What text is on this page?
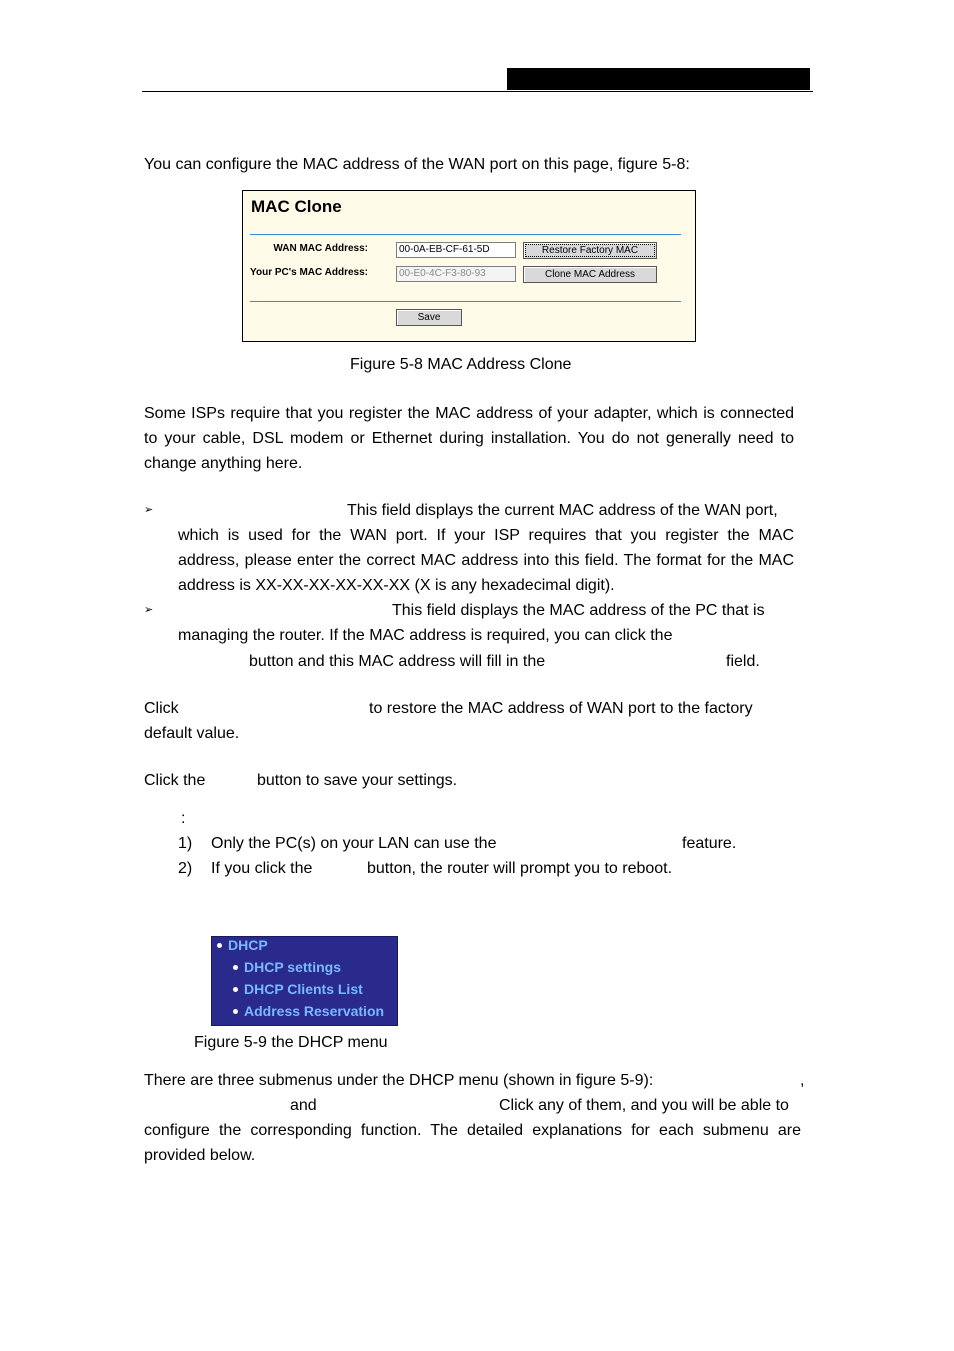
You can configure the MAC address of the WAN port on this page, figure 5-8:
MAC Clone
WAN MAC Address:	00-0A-EB-CF-61-5D	Restore Factory MAC
Your PC's MAC Address:	00-E0-4C-F3-80-93	Clone MAC Address
Save
Figure 5-8 MAC Address Clone
Some ISPs require that you register the MAC address of your adapter, which is connected to your cable, DSL modem or Ethernet during installation. You do not generally need to change anything here.
➢	This field displays the current MAC address of the WAN port,
which is used for the WAN port. If your ISP requires that you register the MAC address, please enter the correct MAC address into this field. The format for the MAC address is XX-XX-XX-XX-XX-XX (X is any hexadecimal digit).
➢	This field displays the MAC address of the PC that is
managing the router. If the MAC address is required, you can click the
button and this MAC address will fill in the	field.
Click	to restore the MAC address of WAN port to the factory
default value.
Click the	button to save your settings.
:
1) Only the PC(s) on your LAN can use the	feature.
2) If you click the	button, the router will prompt you to reboot.
DHCP
DHCP settings
DHCP Clients List
Address Reservation
Figure 5-9 the DHCP menu
There are three submenus under the DHCP menu (shown in figure 5-9):	,
and	Click any of them, and you will be able to
configure the corresponding function. The detailed explanations for each submenu are provided below.
